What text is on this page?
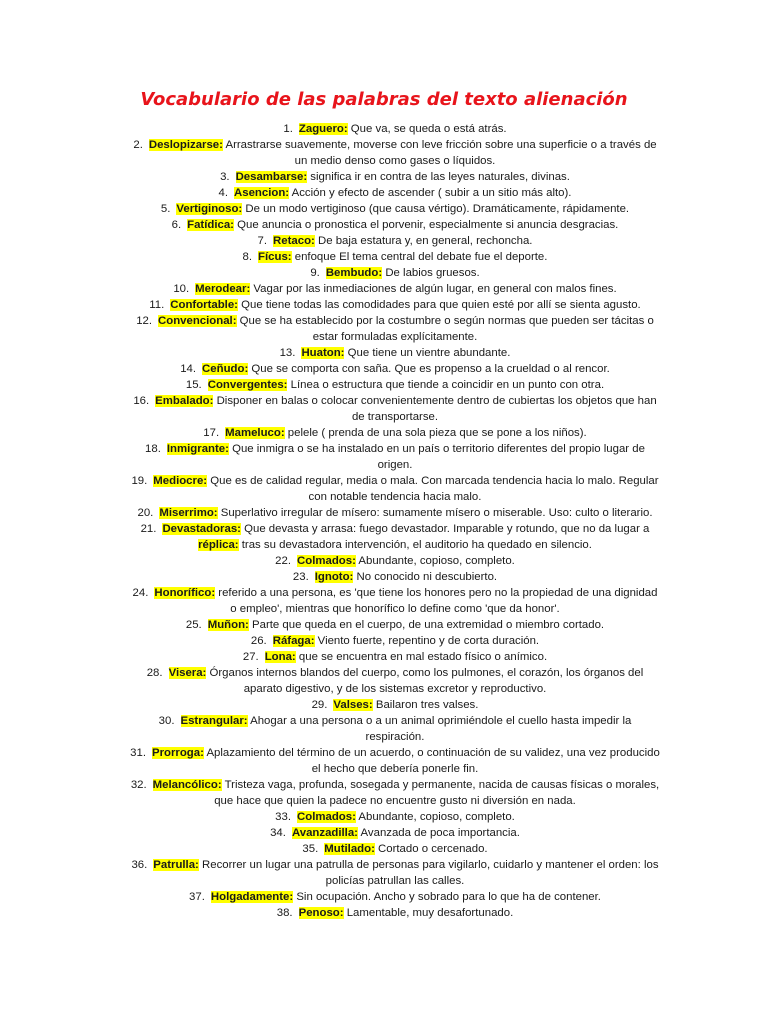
Vocabulario de las palabras del texto alienación
1. Zaguero: Que va, se queda o está atrás.
2. Deslopizarse: Arrastrarse suavemente, moverse con leve fricción sobre una superficie o a través de un medio denso como gases o líquidos.
3. Desambarse: significa ir en contra de las leyes naturales, divinas.
4. Asencion: Acción y efecto de ascender ( subir a un sitio más alto).
5. Vertiginoso: De un modo vertiginoso (que causa vértigo). Dramáticamente, rápidamente.
6. Fatídica: Que anuncia o pronostica el porvenir, especialmente si anuncia desgracias.
7. Retaco: De baja estatura y, en general, rechoncha.
8. Fícus: enfoque El tema central del debate fue el deporte.
9. Bembudo: De labios gruesos.
10. Merodear: Vagar por las inmediaciones de algún lugar, en general con malos fines.
11. Confortable: Que tiene todas las comodidades para que quien esté por allí se sienta agusto.
12. Convencional: Que se ha establecido por la costumbre o según normas que pueden ser tácitas o estar formuladas explícitamente.
13. Huaton: Que tiene un vientre abundante.
14. Ceñudo: Que se comporta con saña. Que es propenso a la crueldad o al rencor.
15. Convergentes: Línea o estructura que tiende a coincidir en un punto con otra.
16. Embalado: Disponer en balas o colocar convenientemente dentro de cubiertas los objetos que han de transportarse.
17. Mameluco: pelele ( prenda de una sola pieza que se pone a los niños).
18. Inmigrante: Que inmigra o se ha instalado en un país o territorio diferentes del propio lugar de origen.
19. Mediocre: Que es de calidad regular, media o mala. Con marcada tendencia hacia lo malo. Regular con notable tendencia hacia malo.
20. Miserrimo: Superlativo irregular de mísero: sumamente mísero o miserable. Uso: culto o literario.
21. Devastadoras: Que devasta y arrasa: fuego devastador. Imparable y rotundo, que no da lugar a réplica: tras su devastadora intervención, el auditorio ha quedado en silencio.
22. Colmados: Abundante, copioso, completo.
23. Ignoto: No conocido ni descubierto.
24. Honorífico: referido a una persona, es 'que tiene los honores pero no la propiedad de una dignidad o empleo', mientras que honorífico lo define como 'que da honor'.
25. Muñon: Parte que queda en el cuerpo, de una extremidad o miembro cortado.
26. Ráfaga: Viento fuerte, repentino y de corta duración.
27. Lona: que se encuentra en mal estado físico o anímico.
28. Visera: Órganos internos blandos del cuerpo, como los pulmones, el corazón, los órganos del aparato digestivo, y de los sistemas excretor y reproductivo.
29. Valses: Bailaron tres valses.
30. Estrangular: Ahogar a una persona o a un animal oprimiéndole el cuello hasta impedir la respiración.
31. Prorroga: Aplazamiento del término de un acuerdo, o continuación de su validez, una vez producido el hecho que debería ponerle fin.
32. Melancólico: Tristeza vaga, profunda, sosegada y permanente, nacida de causas físicas o morales, que hace que quien la padece no encuentre gusto ni diversión en nada.
33. Colmados: Abundante, copioso, completo.
34. Avanzadilla: Avanzada de poca importancia.
35. Mutilado: Cortado o cercenado.
36. Patrulla: Recorrer un lugar una patrulla de personas para vigilarlo, cuidarlo y mantener el orden: los policías patrullan las calles.
37. Holgadamente: Sin ocupación. Ancho y sobrado para lo que ha de contener.
38. Penoso: Lamentable, muy desafortunado.
